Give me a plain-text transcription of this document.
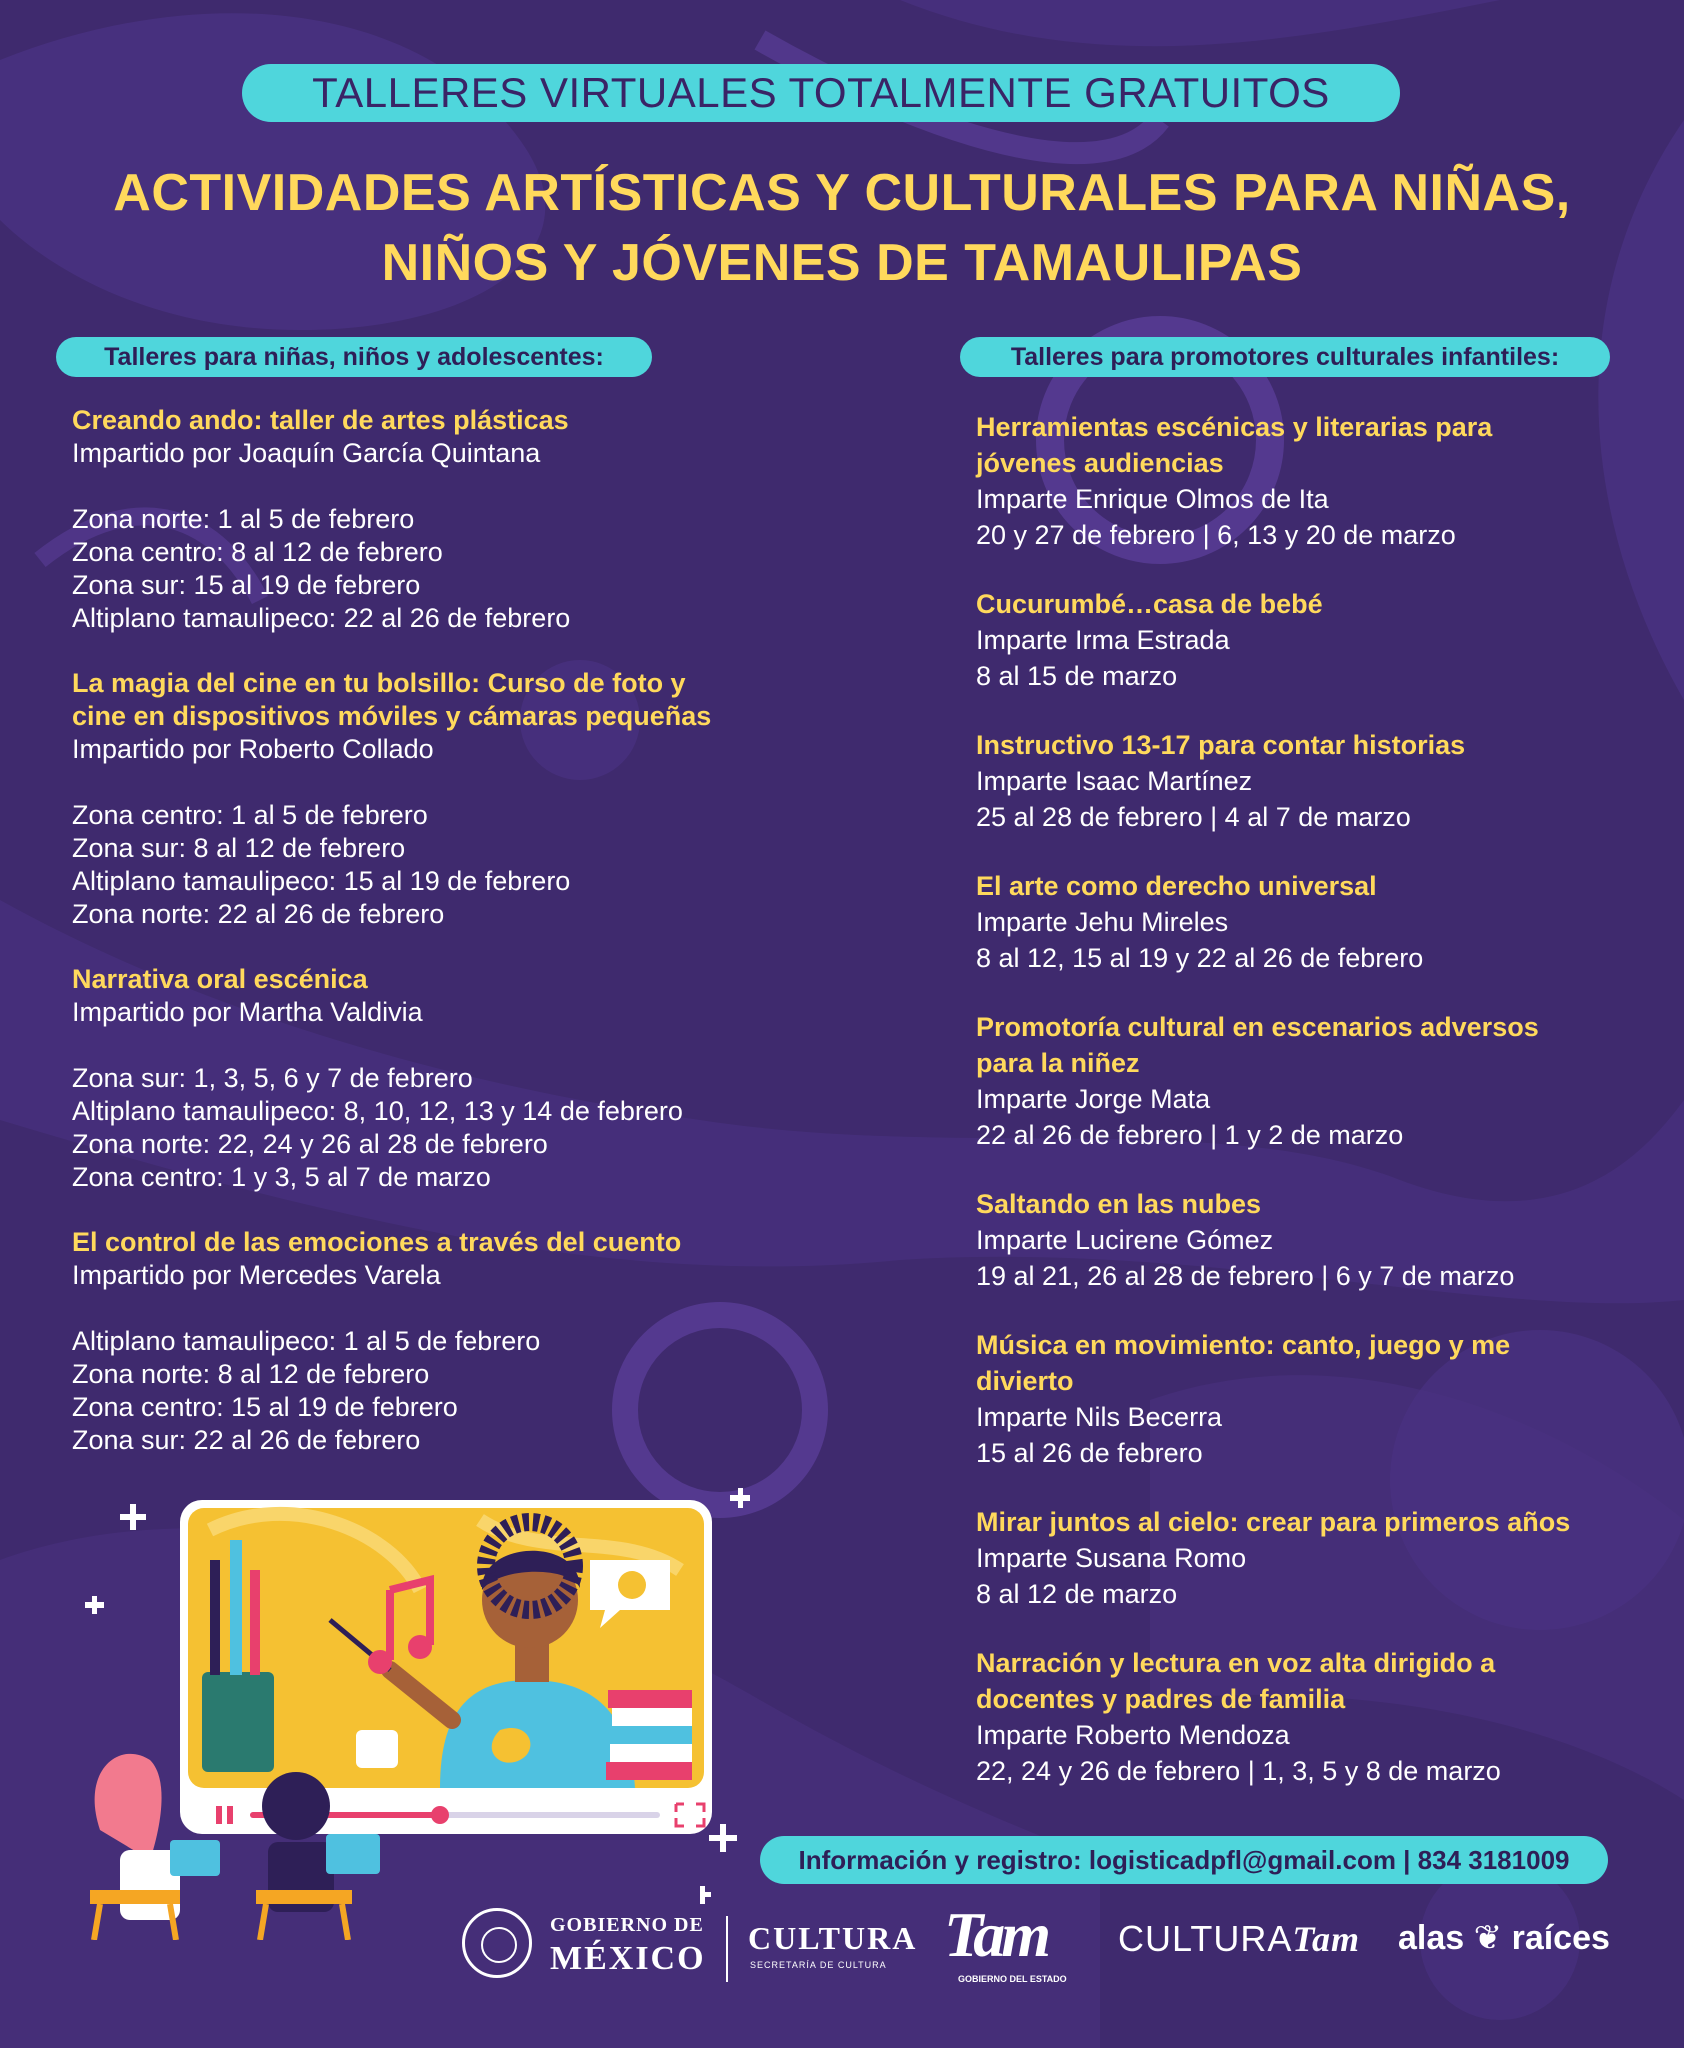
TALLERES VIRTUALES TOTALMENTE GRATUITOS
ACTIVIDADES ARTÍSTICAS Y CULTURALES PARA NIÑAS,
NIÑOS Y JÓVENES DE TAMAULIPAS
Talleres para niñas, niños y adolescentes:	Talleres para promotores culturales infantiles:
Creando ando: taller de artes plásticas
Impartido por Joaquín García Quintana
Zona norte: 1 al 5 de febrero
Zona centro: 8 al 12 de febrero
Zona sur: 15 al 19 de febrero
Altiplano tamaulipeco: 22 al 26 de febrero
La magia del cine en tu bolsillo: Curso de foto y
cine en dispositivos móviles y cámaras pequeñas
Impartido por Roberto Collado
Zona centro: 1 al 5 de febrero
Zona sur: 8 al 12 de febrero
Altiplano tamaulipeco: 15 al 19 de febrero
Zona norte: 22 al 26 de febrero
Narrativa oral escénica
Impartido por Martha Valdivia
Zona sur: 1, 3, 5, 6 y 7 de febrero
Altiplano tamaulipeco: 8, 10, 12, 13 y 14 de febrero
Zona norte: 22, 24 y 26 al 28 de febrero
Zona centro: 1 y 3, 5 al 7 de marzo
El control de las emociones a través del cuento
Impartido por Mercedes Varela
Altiplano tamaulipeco: 1 al 5 de febrero
Zona norte: 8 al 12 de febrero
Zona centro: 15 al 19 de febrero
Zona sur: 22 al 26 de febrero
Herramientas escénicas y literarias para
jóvenes audiencias
Imparte Enrique Olmos de Ita
20 y 27 de febrero | 6, 13 y 20 de marzo
Cucurumbé…casa de bebé
Imparte Irma Estrada
8 al 15 de marzo
Instructivo 13-17 para contar historias
Imparte Isaac Martínez
25 al 28 de febrero | 4 al 7 de marzo
El arte como derecho universal
Imparte Jehu Mireles
8 al 12, 15 al 19 y 22 al 26 de febrero
Promotoría cultural en escenarios adversos
para la niñez
Imparte Jorge Mata
22 al 26 de febrero | 1 y 2 de marzo
Saltando en las nubes
Imparte Lucirene Gómez
19 al 21, 26 al 28 de febrero | 6 y 7 de marzo
Música en movimiento: canto, juego y me
divierto
Imparte Nils Becerra
15 al 26 de febrero
Mirar juntos al cielo: crear para primeros años
Imparte Susana Romo
8 al 12 de marzo
Narración y lectura en voz alta dirigido a
docentes y padres de familia
Imparte Roberto Mendoza
22, 24 y 26 de febrero | 1, 3, 5 y 8 de marzo
Información y registro: logisticadpfl@gmail.com | 834 3181009
GOBIERNO DE
MÉXICO
CULTURA
SECRETARÍA DE CULTURA Tam
GOBIERNO DEL ESTADO
CULTURATam alas ❦ raíces
